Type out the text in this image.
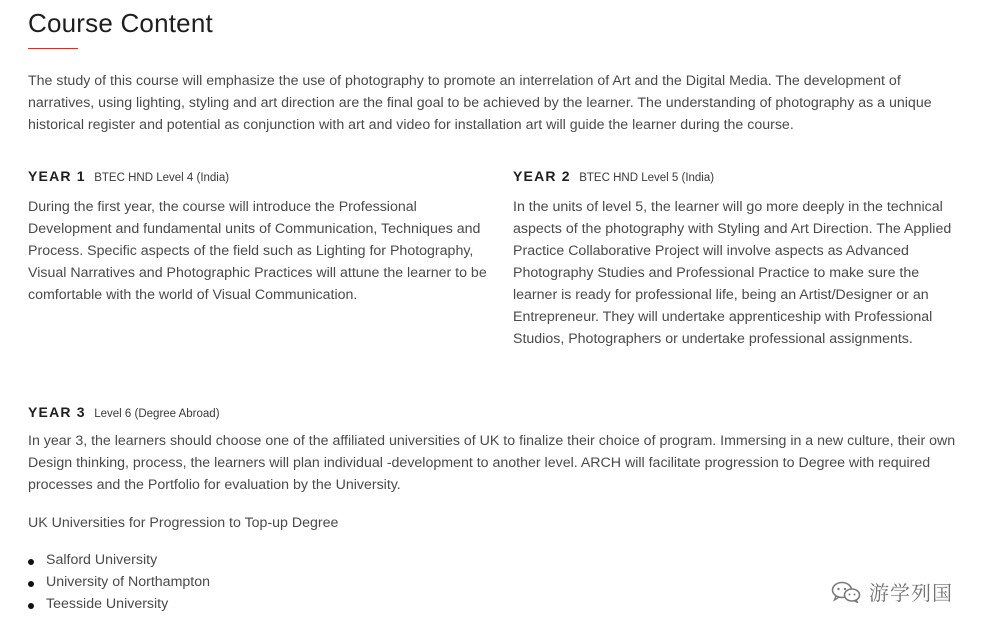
Course Content

The study of this course will emphasize the use of photography to promote an interrelation of Art and the Digital Media. The development of narratives, using lighting, styling and art direction are the final goal to be achieved by the learner. The understanding of photography as a unique historical register and potential as conjunction with art and video for installation art will guide the learner during the course.

YEAR 1 BTEC HND Level 4 (India)

During the first year, the course will introduce the Professional Development and fundamental units of Communication, Techniques and Process. Specific aspects of the field such as Lighting for Photography, Visual Narratives and Photographic Practices will attune the learner to be comfortable with the world of Visual Communication.

YEAR 2 BTEC HND Level 5 (India)

In the units of level 5, the learner will go more deeply in the technical aspects of the photography with Styling and Art Direction. The Applied Practice Collaborative Project will involve aspects as Advanced Photography Studies and Professional Practice to make sure the learner is ready for professional life, being an Artist/Designer or an Entrepreneur. They will undertake apprenticeship with Professional Studios, Photographers or undertake professional assignments.

YEAR 3 Level 6 (Degree Abroad)

In year 3, the learners should choose one of the affiliated universities of UK to finalize their choice of program. Immersing in a new culture, their own Design thinking, process, the learners will plan individual -development to another level. ARCH will facilitate progression to Degree with required processes and the Portfolio for evaluation by the University.

UK Universities for Progression to Top-up Degree

Salford University
University of Northampton
Teesside University	游学列国
